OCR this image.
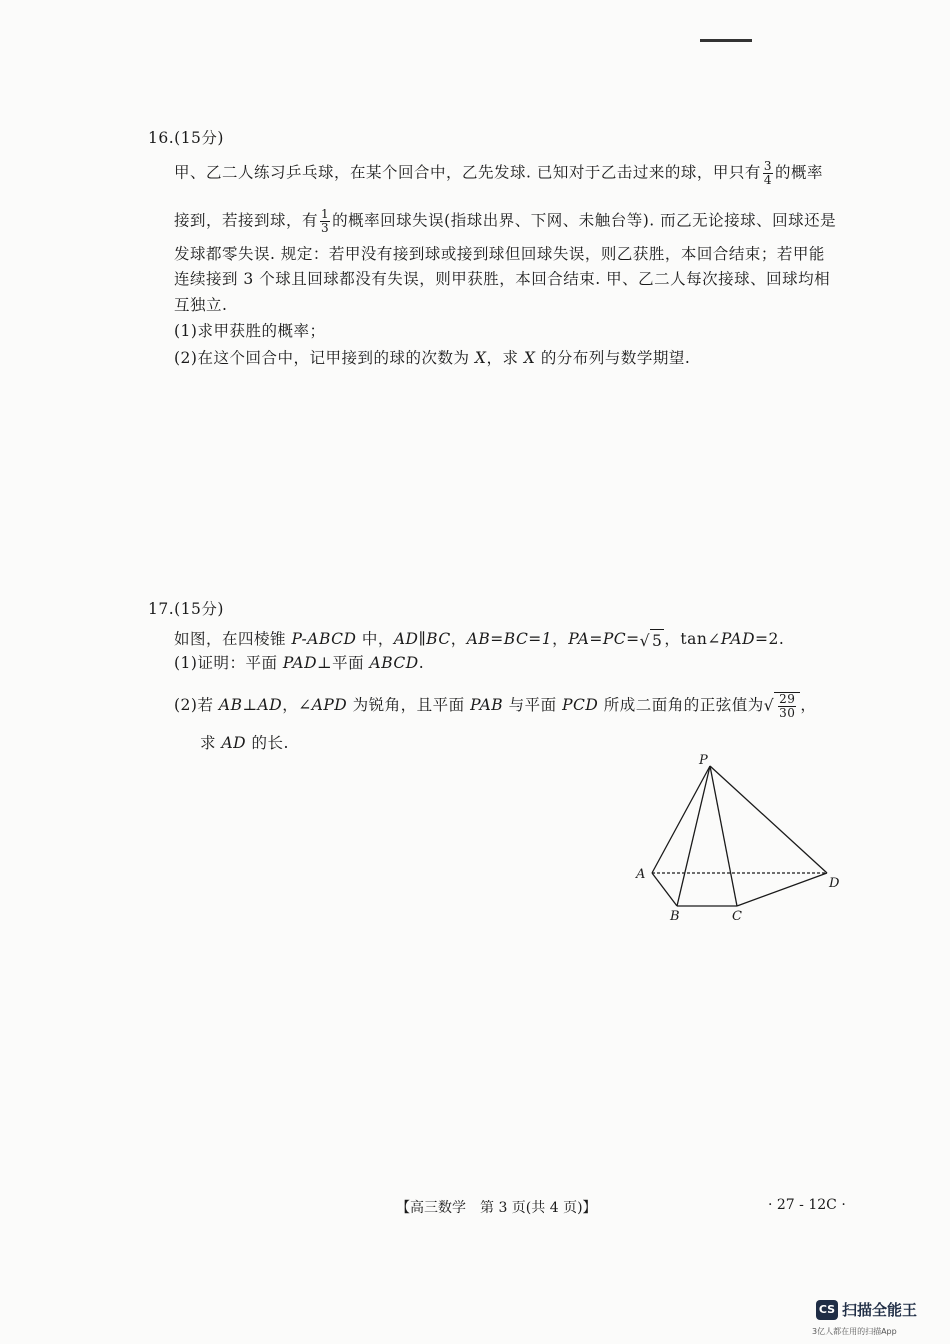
16.(15分)
甲、乙二人练习乒乓球，在某个回合中，乙先发球. 已知对于乙击过来的球，甲只有 $\frac{3}{4}$ 的概率
接到，若接到球，有 $\frac{1}{3}$ 的概率回球失误(指球出界、下网、未触台等). 而乙无论接球、回球还是
发球都零失误. 规定：若甲没有接到球或接到球但回球失误，则乙获胜，本回合结束；若甲能
连续接到 3 个球且回球都没有失误，则甲获胜，本回合结束. 甲、乙二人每次接球、回球均相
互独立.
(1)求甲获胜的概率；
(2)在这个回合中，记甲接到的球的次数为 X，求 X 的分布列与数学期望.
17.(15分)
如图，在四棱锥 P-ABCD 中，AD∥BC，AB=BC=1，PA=PC=√ 5 ，tan∠PAD=2.
(1)证明：平面 PAD⊥平面 ABCD.
(2)若 AB⊥AD，∠APD 为锐角，且平面 PAB 与平面 PCD 所成二面角的正弦值为√ $\frac{29}{30}$ ，
求 AD 的长.
P
A
B	C
D
【高三数学　第 3 页(共 4 页)】	· 27 - 12C ·
CS 扫描全能王
3亿人都在用的扫描App
